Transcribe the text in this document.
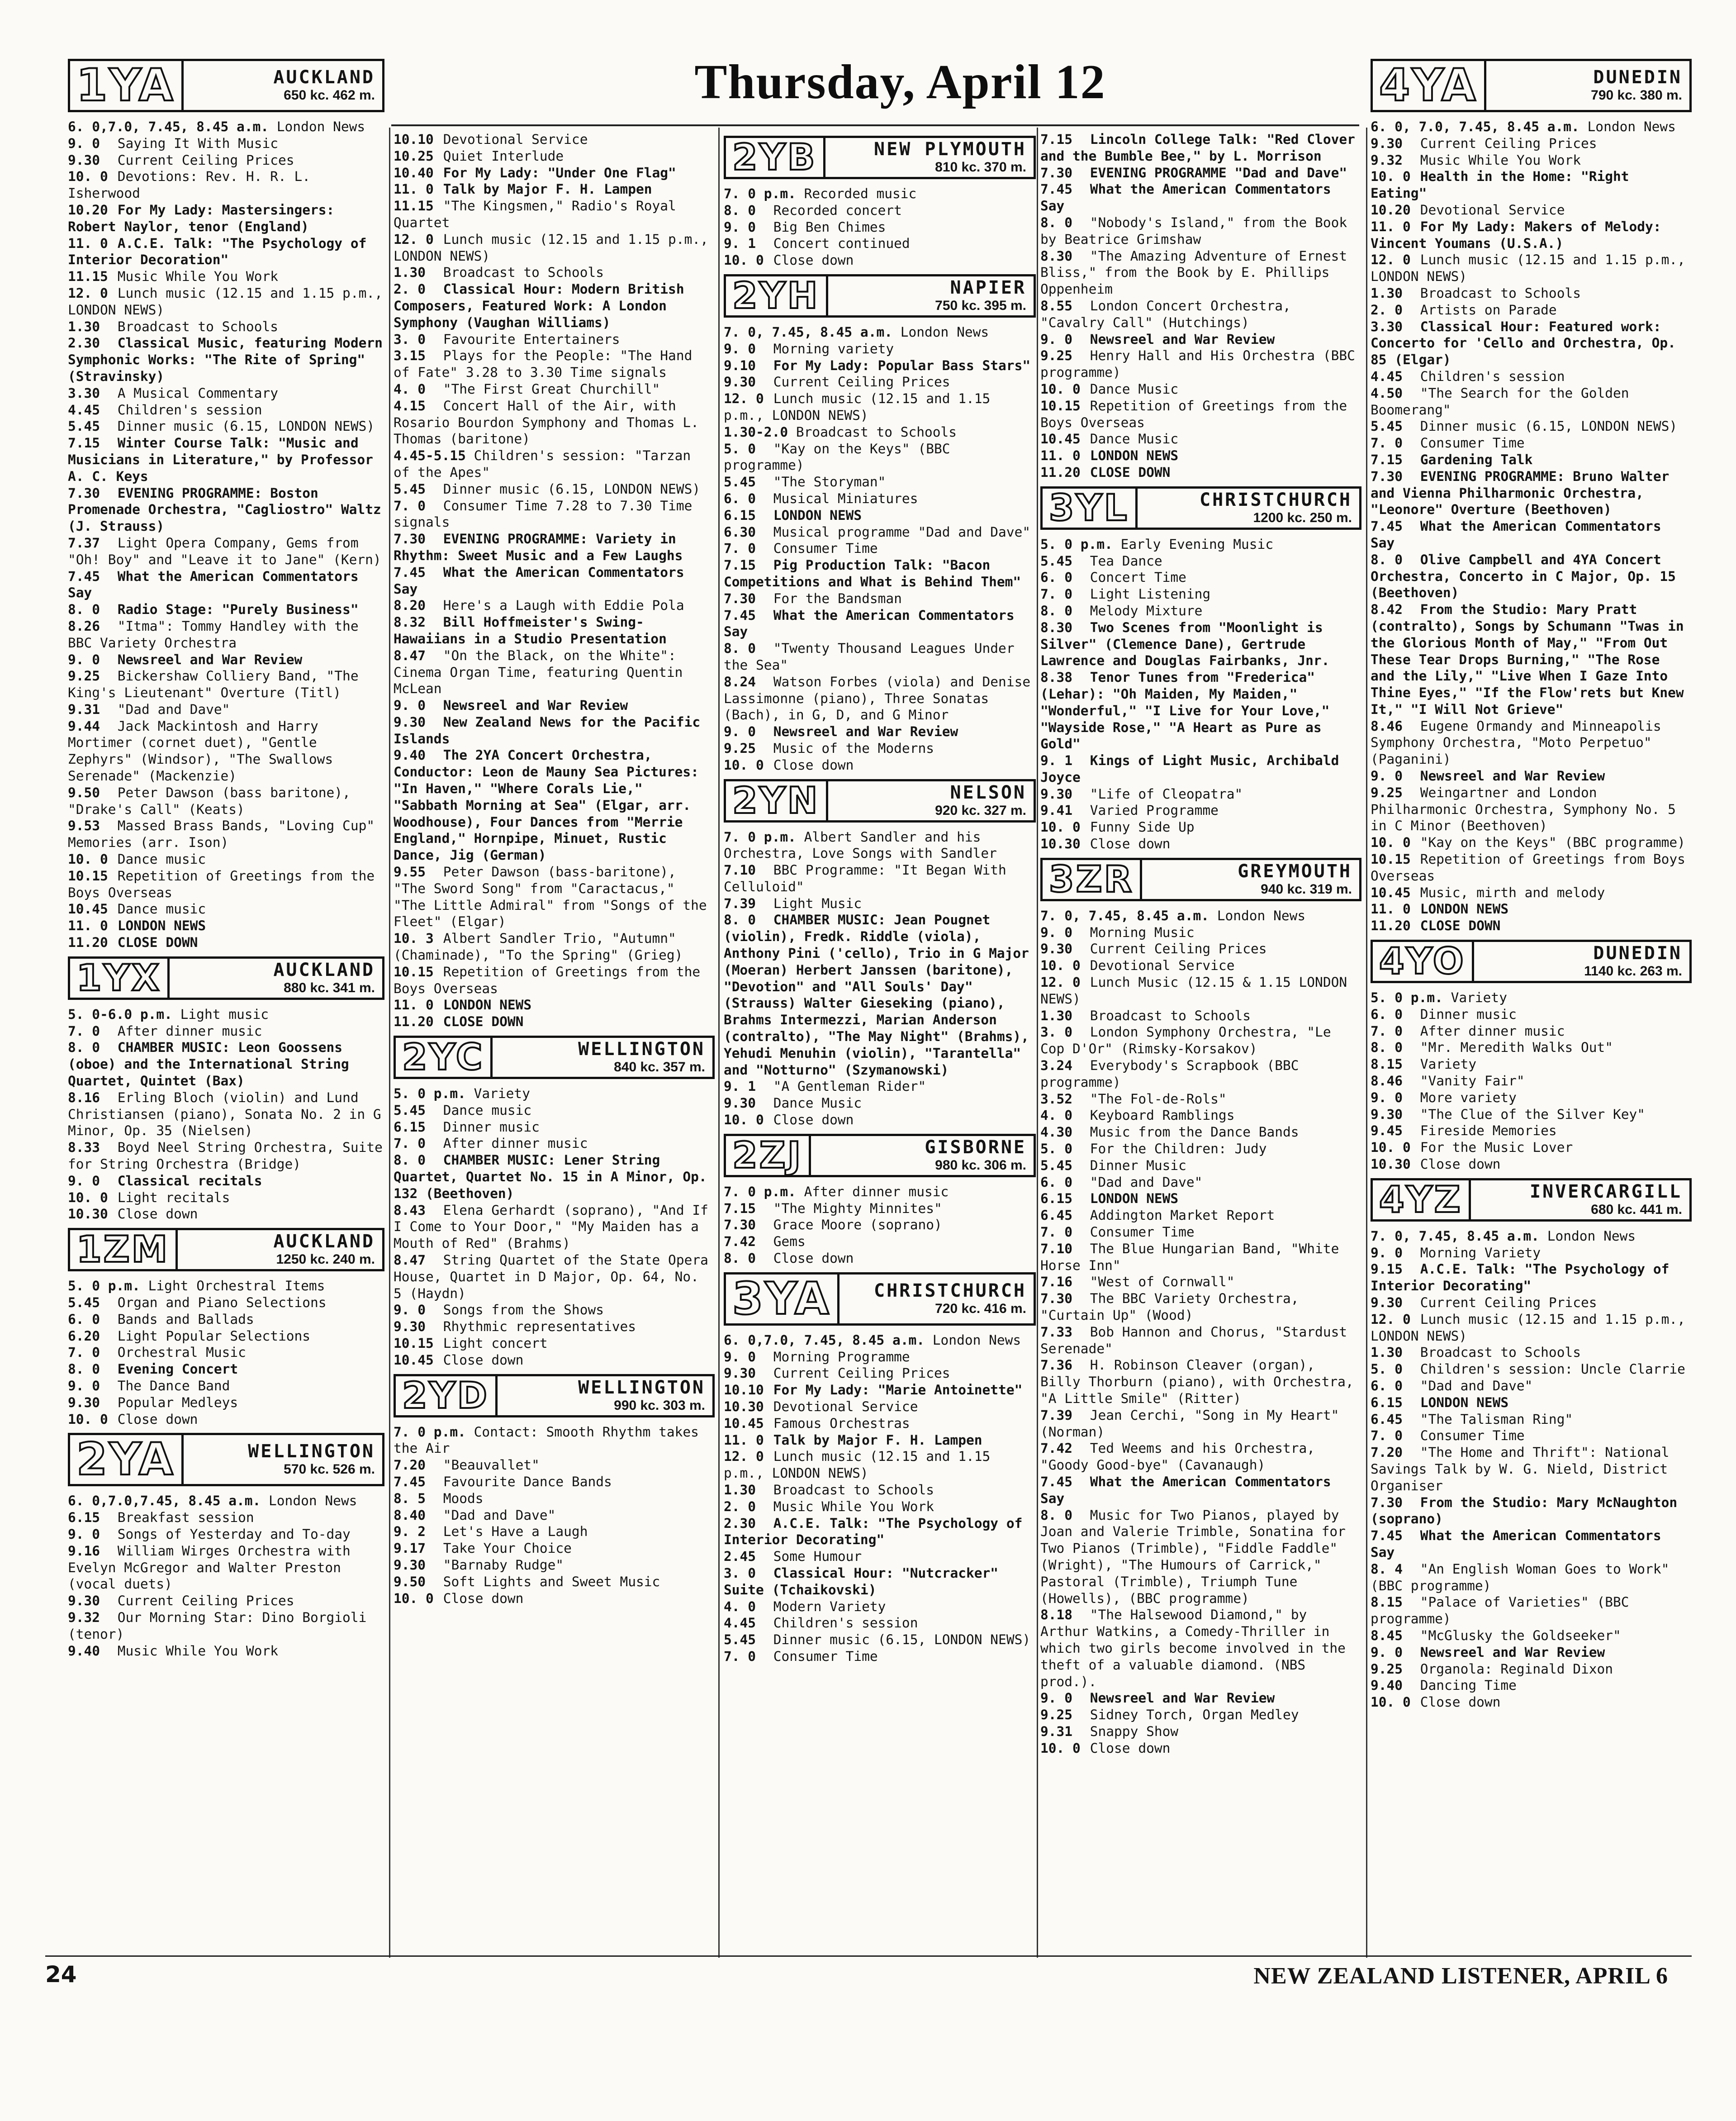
Thursday, April 12
1YA	AUCKLAND
650 kc. 462 m.
6. 0,7.0, 7.45, 8.45 a.m. London News
9. 0 Saying It With Music
9.30 Current Ceiling Prices
10. 0 Devotions: Rev. H. R. L. Isherwood
10.20 For My Lady: Mastersingers: Robert Naylor, tenor (England)
11. 0 A.C.E. Talk: "The Psychology of Interior Decoration"
11.15 Music While You Work
12. 0 Lunch music (12.15 and 1.15 p.m., LONDON NEWS)
1.30 Broadcast to Schools
2.30 Classical Music, featuring Modern Symphonic Works: "The Rite of Spring" (Stravinsky)
3.30 A Musical Commentary
4.45 Children's session
5.45 Dinner music (6.15, LONDON NEWS)
7.15 Winter Course Talk: "Music and Musicians in Literature," by Professor A. C. Keys
7.30 EVENING PROGRAMME: Boston Promenade Orchestra, "Cagliostro" Waltz (J. Strauss)
7.37 Light Opera Company, Gems from "Oh! Boy" and "Leave it to Jane" (Kern)
7.45 What the American Commentators Say
8. 0 Radio Stage: "Purely Business"
8.26 "Itma": Tommy Handley with the BBC Variety Orchestra
9. 0 Newsreel and War Review
9.25 Bickershaw Colliery Band, "The King's Lieutenant" Overture (Titl)
9.31 "Dad and Dave"
9.44 Jack Mackintosh and Harry Mortimer (cornet duet), "Gentle Zephyrs" (Windsor), "The Swallows Serenade" (Mackenzie)
9.50 Peter Dawson (bass baritone), "Drake's Call" (Keats)
9.53 Massed Brass Bands, "Loving Cup" Memories (arr. Ison)
10. 0 Dance music
10.15 Repetition of Greetings from the Boys Overseas
10.45 Dance music
11. 0 LONDON NEWS
11.20 CLOSE DOWN
1YX	AUCKLAND
880 kc. 341 m.
5. 0-6.0 p.m. Light music
7. 0 After dinner music
8. 0 CHAMBER MUSIC: Leon Goossens (oboe) and the International String Quartet, Quintet (Bax)
8.16 Erling Bloch (violin) and Lund Christiansen (piano), Sonata No. 2 in G Minor, Op. 35 (Nielsen)
8.33 Boyd Neel String Orchestra, Suite for String Orchestra (Bridge)
9. 0 Classical recitals
10. 0 Light recitals
10.30 Close down
1ZM	AUCKLAND
1250 kc. 240 m.
5. 0 p.m. Light Orchestral Items
5.45 Organ and Piano Selections
6. 0 Bands and Ballads
6.20 Light Popular Selections
7. 0 Orchestral Music
8. 0 Evening Concert
9. 0 The Dance Band
9.30 Popular Medleys
10. 0 Close down
2YA	WELLINGTON
570 kc. 526 m.
6. 0,7.0,7.45, 8.45 a.m. London News
6.15 Breakfast session
9. 0 Songs of Yesterday and To-day
9.16 William Wirges Orchestra with Evelyn McGregor and Walter Preston (vocal duets)
9.30 Current Ceiling Prices
9.32 Our Morning Star: Dino Borgioli (tenor)
9.40 Music While You Work
10.10 Devotional Service
10.25 Quiet Interlude
10.40 For My Lady: "Under One Flag"
11. 0 Talk by Major F. H. Lampen
11.15 "The Kingsmen," Radio's Royal Quartet
12. 0 Lunch music (12.15 and 1.15 p.m., LONDON NEWS)
1.30 Broadcast to Schools
2. 0 Classical Hour: Modern British Composers, Featured Work: A London Symphony (Vaughan Williams)
3. 0 Favourite Entertainers
3.15 Plays for the People: "The Hand of Fate" 3.28 to 3.30 Time signals
4. 0 "The First Great Churchill"
4.15 Concert Hall of the Air, with Rosario Bourdon Symphony and Thomas L. Thomas (baritone)
4.45-5.15 Children's session: "Tarzan of the Apes"
5.45 Dinner music (6.15, LONDON NEWS)
7. 0 Consumer Time 7.28 to 7.30 Time signals
7.30 EVENING PROGRAMME: Variety in Rhythm: Sweet Music and a Few Laughs
7.45 What the American Commentators Say
8.20 Here's a Laugh with Eddie Pola
8.32 Bill Hoffmeister's Swing-Hawaiians in a Studio Presentation
8.47 "On the Black, on the White": Cinema Organ Time, featuring Quentin McLean
9. 0 Newsreel and War Review
9.30 New Zealand News for the Pacific Islands
9.40 The 2YA Concert Orchestra, Conductor: Leon de Mauny Sea Pictures: "In Haven," "Where Corals Lie," "Sabbath Morning at Sea" (Elgar, arr. Woodhouse), Four Dances from "Merrie England," Hornpipe, Minuet, Rustic Dance, Jig (German)
9.55 Peter Dawson (bass-baritone), "The Sword Song" from "Caractacus," "The Little Admiral" from "Songs of the Fleet" (Elgar)
10. 3 Albert Sandler Trio, "Autumn" (Chaminade), "To the Spring" (Grieg)
10.15 Repetition of Greetings from the Boys Overseas
11. 0 LONDON NEWS
11.20 CLOSE DOWN
2YC	WELLINGTON
840 kc. 357 m.
5. 0 p.m. Variety
5.45 Dance music
6.15 Dinner music
7. 0 After dinner music
8. 0 CHAMBER MUSIC: Lener String Quartet, Quartet No. 15 in A Minor, Op. 132 (Beethoven)
8.43 Elena Gerhardt (soprano), "And If I Come to Your Door," "My Maiden has a Mouth of Red" (Brahms)
8.47 String Quartet of the State Opera House, Quartet in D Major, Op. 64, No. 5 (Haydn)
9. 0 Songs from the Shows
9.30 Rhythmic representatives
10.15 Light concert
10.45 Close down
2YD	WELLINGTON
990 kc. 303 m.
7. 0 p.m. Contact: Smooth Rhythm takes the Air
7.20 "Beauvallet"
7.45 Favourite Dance Bands
8. 5 Moods
8.40 "Dad and Dave"
9. 2 Let's Have a Laugh
9.17 Take Your Choice
9.30 "Barnaby Rudge"
9.50 Soft Lights and Sweet Music
10. 0 Close down
2YB	NEW PLYMOUTH
810 kc. 370 m.
7. 0 p.m. Recorded music
8. 0 Recorded concert
9. 0 Big Ben Chimes
9. 1 Concert continued
10. 0 Close down
2YH	NAPIER
750 kc. 395 m.
7. 0, 7.45, 8.45 a.m. London News
9. 0 Morning variety
9.10 For My Lady: Popular Bass Stars"
9.30 Current Ceiling Prices
12. 0 Lunch music (12.15 and 1.15 p.m., LONDON NEWS)
1.30-2.0 Broadcast to Schools
5. 0 "Kay on the Keys" (BBC programme)
5.45 "The Storyman"
6. 0 Musical Miniatures
6.15 LONDON NEWS
6.30 Musical programme "Dad and Dave"
7. 0 Consumer Time
7.15 Pig Production Talk: "Bacon Competitions and What is Behind Them"
7.30 For the Bandsman
7.45 What the American Commentators Say
8. 0 "Twenty Thousand Leagues Under the Sea"
8.24 Watson Forbes (viola) and Denise Lassimonne (piano), Three Sonatas (Bach), in G, D, and G Minor
9. 0 Newsreel and War Review
9.25 Music of the Moderns
10. 0 Close down
2YN	NELSON
920 kc. 327 m.
7. 0 p.m. Albert Sandler and his Orchestra, Love Songs with Sandler
7.10 BBC Programme: "It Began With Celluloid"
7.39 Light Music
8. 0 CHAMBER MUSIC: Jean Pougnet (violin), Fredk. Riddle (viola), Anthony Pini ('cello), Trio in G Major (Moeran) Herbert Janssen (baritone), "Devotion" and "All Souls' Day" (Strauss) Walter Gieseking (piano), Brahms Intermezzi, Marian Anderson (contralto), "The May Night" (Brahms), Yehudi Menuhin (violin), "Tarantella" and "Notturno" (Szymanowski)
9. 1 "A Gentleman Rider"
9.30 Dance Music
10. 0 Close down
2ZJ	GISBORNE
980 kc. 306 m.
7. 0 p.m. After dinner music
7.15 "The Mighty Minnites"
7.30 Grace Moore (soprano)
7.42 Gems
8. 0 Close down
3YA	CHRISTCHURCH
720 kc. 416 m.
6. 0,7.0, 7.45, 8.45 a.m. London News
9. 0 Morning Programme
9.30 Current Ceiling Prices
10.10 For My Lady: "Marie Antoinette"
10.30 Devotional Service
10.45 Famous Orchestras
11. 0 Talk by Major F. H. Lampen
12. 0 Lunch music (12.15 and 1.15 p.m., LONDON NEWS)
1.30 Broadcast to Schools
2. 0 Music While You Work
2.30 A.C.E. Talk: "The Psychology of Interior Decorating"
2.45 Some Humour
3. 0 Classical Hour: "Nutcracker" Suite (Tchaikovski)
4. 0 Modern Variety
4.45 Children's session
5.45 Dinner music (6.15, LONDON NEWS)
7. 0 Consumer Time
7.15 Lincoln College Talk: "Red Clover and the Bumble Bee," by L. Morrison
7.30 EVENING PROGRAMME "Dad and Dave"
7.45 What the American Commentators Say
8. 0 "Nobody's Island," from the Book by Beatrice Grimshaw
8.30 "The Amazing Adventure of Ernest Bliss," from the Book by E. Phillips Oppenheim
8.55 London Concert Orchestra, "Cavalry Call" (Hutchings)
9. 0 Newsreel and War Review
9.25 Henry Hall and His Orchestra (BBC programme)
10. 0 Dance Music
10.15 Repetition of Greetings from the Boys Overseas
10.45 Dance Music
11. 0 LONDON NEWS
11.20 CLOSE DOWN
3YL	CHRISTCHURCH
1200 kc. 250 m.
5. 0 p.m. Early Evening Music
5.45 Tea Dance
6. 0 Concert Time
7. 0 Light Listening
8. 0 Melody Mixture
8.30 Two Scenes from "Moonlight is Silver" (Clemence Dane), Gertrude Lawrence and Douglas Fairbanks, Jnr.
8.38 Tenor Tunes from "Frederica" (Lehar): "Oh Maiden, My Maiden," "Wonderful," "I Live for Your Love," "Wayside Rose," "A Heart as Pure as Gold"
9. 1 Kings of Light Music, Archibald Joyce
9.30 "Life of Cleopatra"
9.41 Varied Programme
10. 0 Funny Side Up
10.30 Close down
3ZR	GREYMOUTH
940 kc. 319 m.
7. 0, 7.45, 8.45 a.m. London News
9. 0 Morning Music
9.30 Current Ceiling Prices
10. 0 Devotional Service
12. 0 Lunch Music (12.15 & 1.15 LONDON NEWS)
1.30 Broadcast to Schools
3. 0 London Symphony Orchestra, "Le Cop D'Or" (Rimsky-Korsakov)
3.24 Everybody's Scrapbook (BBC programme)
3.52 "The Fol-de-Rols"
4. 0 Keyboard Ramblings
4.30 Music from the Dance Bands
5. 0 For the Children: Judy
5.45 Dinner Music
6. 0 "Dad and Dave"
6.15 LONDON NEWS
6.45 Addington Market Report
7. 0 Consumer Time
7.10 The Blue Hungarian Band, "White Horse Inn"
7.16 "West of Cornwall"
7.30 The BBC Variety Orchestra, "Curtain Up" (Wood)
7.33 Bob Hannon and Chorus, "Stardust Serenade"
7.36 H. Robinson Cleaver (organ), Billy Thorburn (piano), with Orchestra, "A Little Smile" (Ritter)
7.39 Jean Cerchi, "Song in My Heart" (Norman)
7.42 Ted Weems and his Orchestra, "Goody Good-bye" (Cavanaugh)
7.45 What the American Commentators Say
8. 0 Music for Two Pianos, played by Joan and Valerie Trimble, Sonatina for Two Pianos (Trimble), "Fiddle Faddle" (Wright), "The Humours of Carrick," Pastoral (Trimble), Triumph Tune (Howells), (BBC programme)
8.18 "The Halsewood Diamond," by Arthur Watkins, a Comedy-Thriller in which two girls become involved in the theft of a valuable diamond. (NBS prod.).
9. 0 Newsreel and War Review
9.25 Sidney Torch, Organ Medley
9.31 Snappy Show
10. 0 Close down
4YA	DUNEDIN
790 kc. 380 m.
6. 0, 7.0, 7.45, 8.45 a.m. London News
9.30 Current Ceiling Prices
9.32 Music While You Work
10. 0 Health in the Home: "Right Eating"
10.20 Devotional Service
11. 0 For My Lady: Makers of Melody: Vincent Youmans (U.S.A.)
12. 0 Lunch music (12.15 and 1.15 p.m., LONDON NEWS)
1.30 Broadcast to Schools
2. 0 Artists on Parade
3.30 Classical Hour: Featured work: Concerto for 'Cello and Orchestra, Op. 85 (Elgar)
4.45 Children's session
4.50 "The Search for the Golden Boomerang"
5.45 Dinner music (6.15, LONDON NEWS)
7. 0 Consumer Time
7.15 Gardening Talk
7.30 EVENING PROGRAMME: Bruno Walter and Vienna Philharmonic Orchestra, "Leonore" Overture (Beethoven)
7.45 What the American Commentators Say
8. 0 Olive Campbell and 4YA Concert Orchestra, Concerto in C Major, Op. 15 (Beethoven)
8.42 From the Studio: Mary Pratt (contralto), Songs by Schumann "Twas in the Glorious Month of May," "From Out These Tear Drops Burning," "The Rose and the Lily," "Live When I Gaze Into Thine Eyes," "If the Flow'rets but Knew It," "I Will Not Grieve"
8.46 Eugene Ormandy and Minneapolis Symphony Orchestra, "Moto Perpetuo" (Paganini)
9. 0 Newsreel and War Review
9.25 Weingartner and London Philharmonic Orchestra, Symphony No. 5 in C Minor (Beethoven)
10. 0 "Kay on the Keys" (BBC programme)
10.15 Repetition of Greetings from Boys Overseas
10.45 Music, mirth and melody
11. 0 LONDON NEWS
11.20 CLOSE DOWN
4YO	DUNEDIN
1140 kc. 263 m.
5. 0 p.m. Variety
6. 0 Dinner music
7. 0 After dinner music
8. 0 "Mr. Meredith Walks Out"
8.15 Variety
8.46 "Vanity Fair"
9. 0 More variety
9.30 "The Clue of the Silver Key"
9.45 Fireside Memories
10. 0 For the Music Lover
10.30 Close down
4YZ	INVERCARGILL
680 kc. 441 m.
7. 0, 7.45, 8.45 a.m. London News
9. 0 Morning Variety
9.15 A.C.E. Talk: "The Psychology of Interior Decorating"
9.30 Current Ceiling Prices
12. 0 Lunch music (12.15 and 1.15 p.m., LONDON NEWS)
1.30 Broadcast to Schools
5. 0 Children's session: Uncle Clarrie
6. 0 "Dad and Dave"
6.15 LONDON NEWS
6.45 "The Talisman Ring"
7. 0 Consumer Time
7.20 "The Home and Thrift": National Savings Talk by W. G. Nield, District Organiser
7.30 From the Studio: Mary McNaughton (soprano)
7.45 What the American Commentators Say
8. 4 "An English Woman Goes to Work" (BBC programme)
8.15 "Palace of Varieties" (BBC programme)
8.45 "McGlusky the Goldseeker"
9. 0 Newsreel and War Review
9.25 Organola: Reginald Dixon
9.40 Dancing Time
10. 0 Close down
24	NEW ZEALAND LISTENER, APRIL 6
